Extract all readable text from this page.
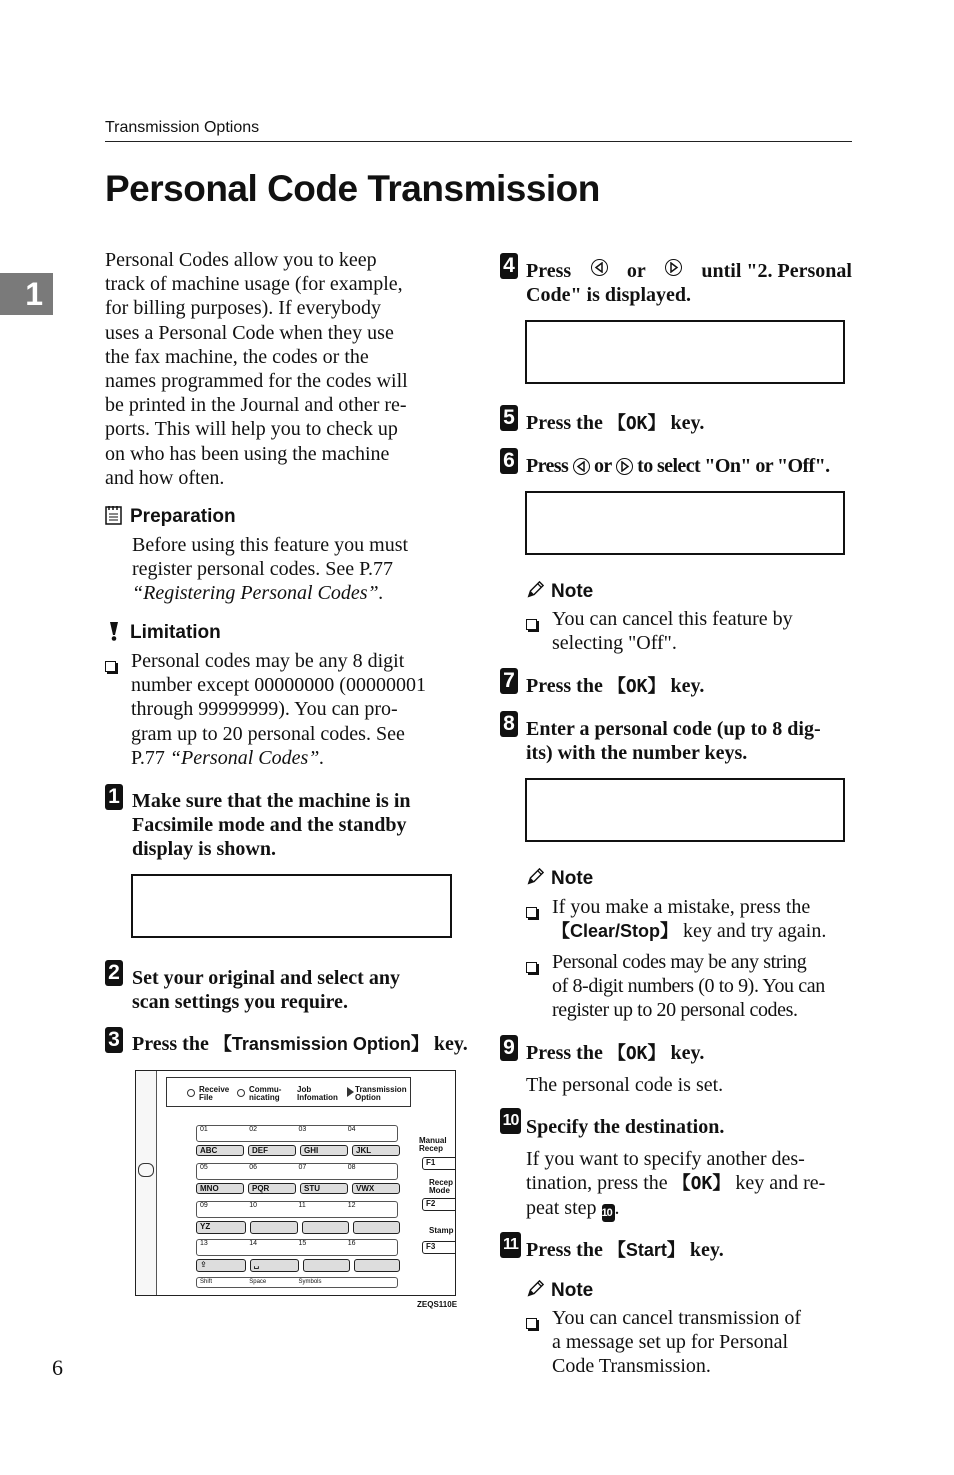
Transmission Options
Personal Code Transmission
1
6
Personal Codes allow you to keep
track of machine usage (for example,
for billing purposes). If everybody
uses a Personal Code when they use
the fax machine, the codes or the
names programmed for the codes will
be printed in the Journal and other re-
ports. This will help you to check up
on who has been using the machine
and how often.
Preparation
Before using this feature you must
register personal codes. See P.77
“Registering Personal Codes”.
Limitation
Personal codes may be any 8 digit
number except 00000000 (00000001
through 99999999). You can pro-
gram up to 20 personal codes. See
P.77 “Personal Codes”.
1 Make sure that the machine is in
Facsimile mode and the standby
display is shown.

2 Set your original and select any
scan settings you require.
3 Press the 【Transmission Option】 key.
Receive File
Commu- nicating
Job Infomation
Transmission Option
01	02	03	04
ABC	DEF	GHI	JKL
05	06	07	08
MNO	PQR	STU	VWX
09	10	11	12
YZ
13	14	15	16
⇪	␣
Shift	Space	Symbols
Manual Recep
F1
Recep Mode
F2
Stamp
F3
ZEQS110E
4 Press	or	until "2. Personal
Code" is displayed.

5 Press the 【OK】 key.
6 Press or to select "On" or "Off".

Note
You can cancel this feature by
selecting "Off".
7 Press the 【OK】 key.
8 Enter a personal code (up to 8 dig-
its) with the number keys.

Note
If you make a mistake, press the
【Clear/Stop】 key and try again.
Personal codes may be any string
of 8-digit numbers (0 to 9). You can
register up to 20 personal codes.
9 Press the 【OK】 key.
The personal code is set.
10 Specify the destination.
If you want to specify another des-
tination, press the 【OK】 key and re-
peat step 10 .
11 Press the 【Start】 key.
Note
You can cancel transmission of
a message set up for Personal
Code Transmission.
